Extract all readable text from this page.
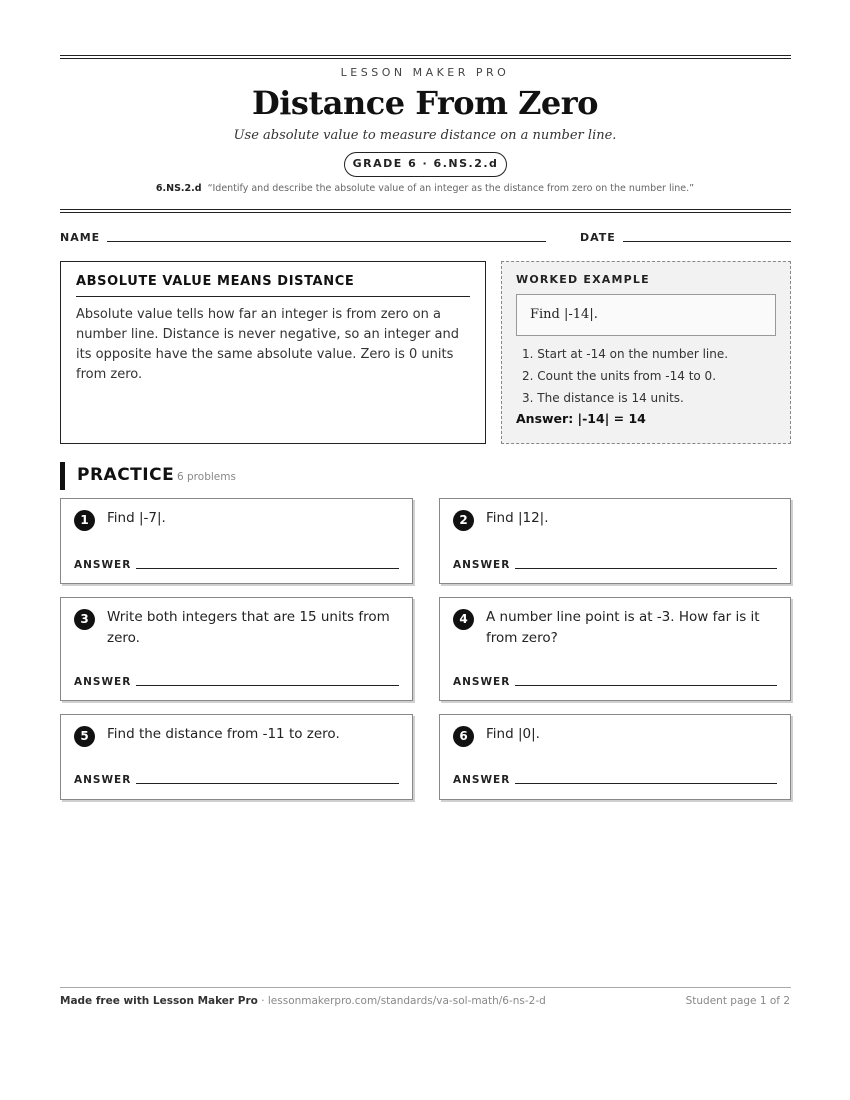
LESSON MAKER PRO
Distance From Zero
Use absolute value to measure distance on a number line.
GRADE 6 · 6.NS.2.d
6.NS.2.d “Identify and describe the absolute value of an integer as the distance from zero on the number line.”
NAME	DATE
ABSOLUTE VALUE MEANS DISTANCE

Absolute value tells how far an integer is from zero on a number line. Distance is never negative, so an integer and its opposite have the same absolute value. Zero is 0 units from zero.

WORKED EXAMPLE
Find |-14|.
1. Start at -14 on the number line.
2. Count the units from -14 to 0.
3. The distance is 14 units.
Answer: |-14| = 14
PRACTICE 6 problems
1	Find |-7|.
ANSWER
2	Find |12|.
ANSWER
3	Write both integers that are 15 units from zero.
ANSWER
4	A number line point is at -3. How far is it from zero?
ANSWER
5	Find the distance from -11 to zero.
ANSWER
6	Find |0|.
ANSWER
Made free with Lesson Maker Pro · lessonmakerpro.com/standards/va-sol-math/6-ns-2-d	Student page 1 of 2
